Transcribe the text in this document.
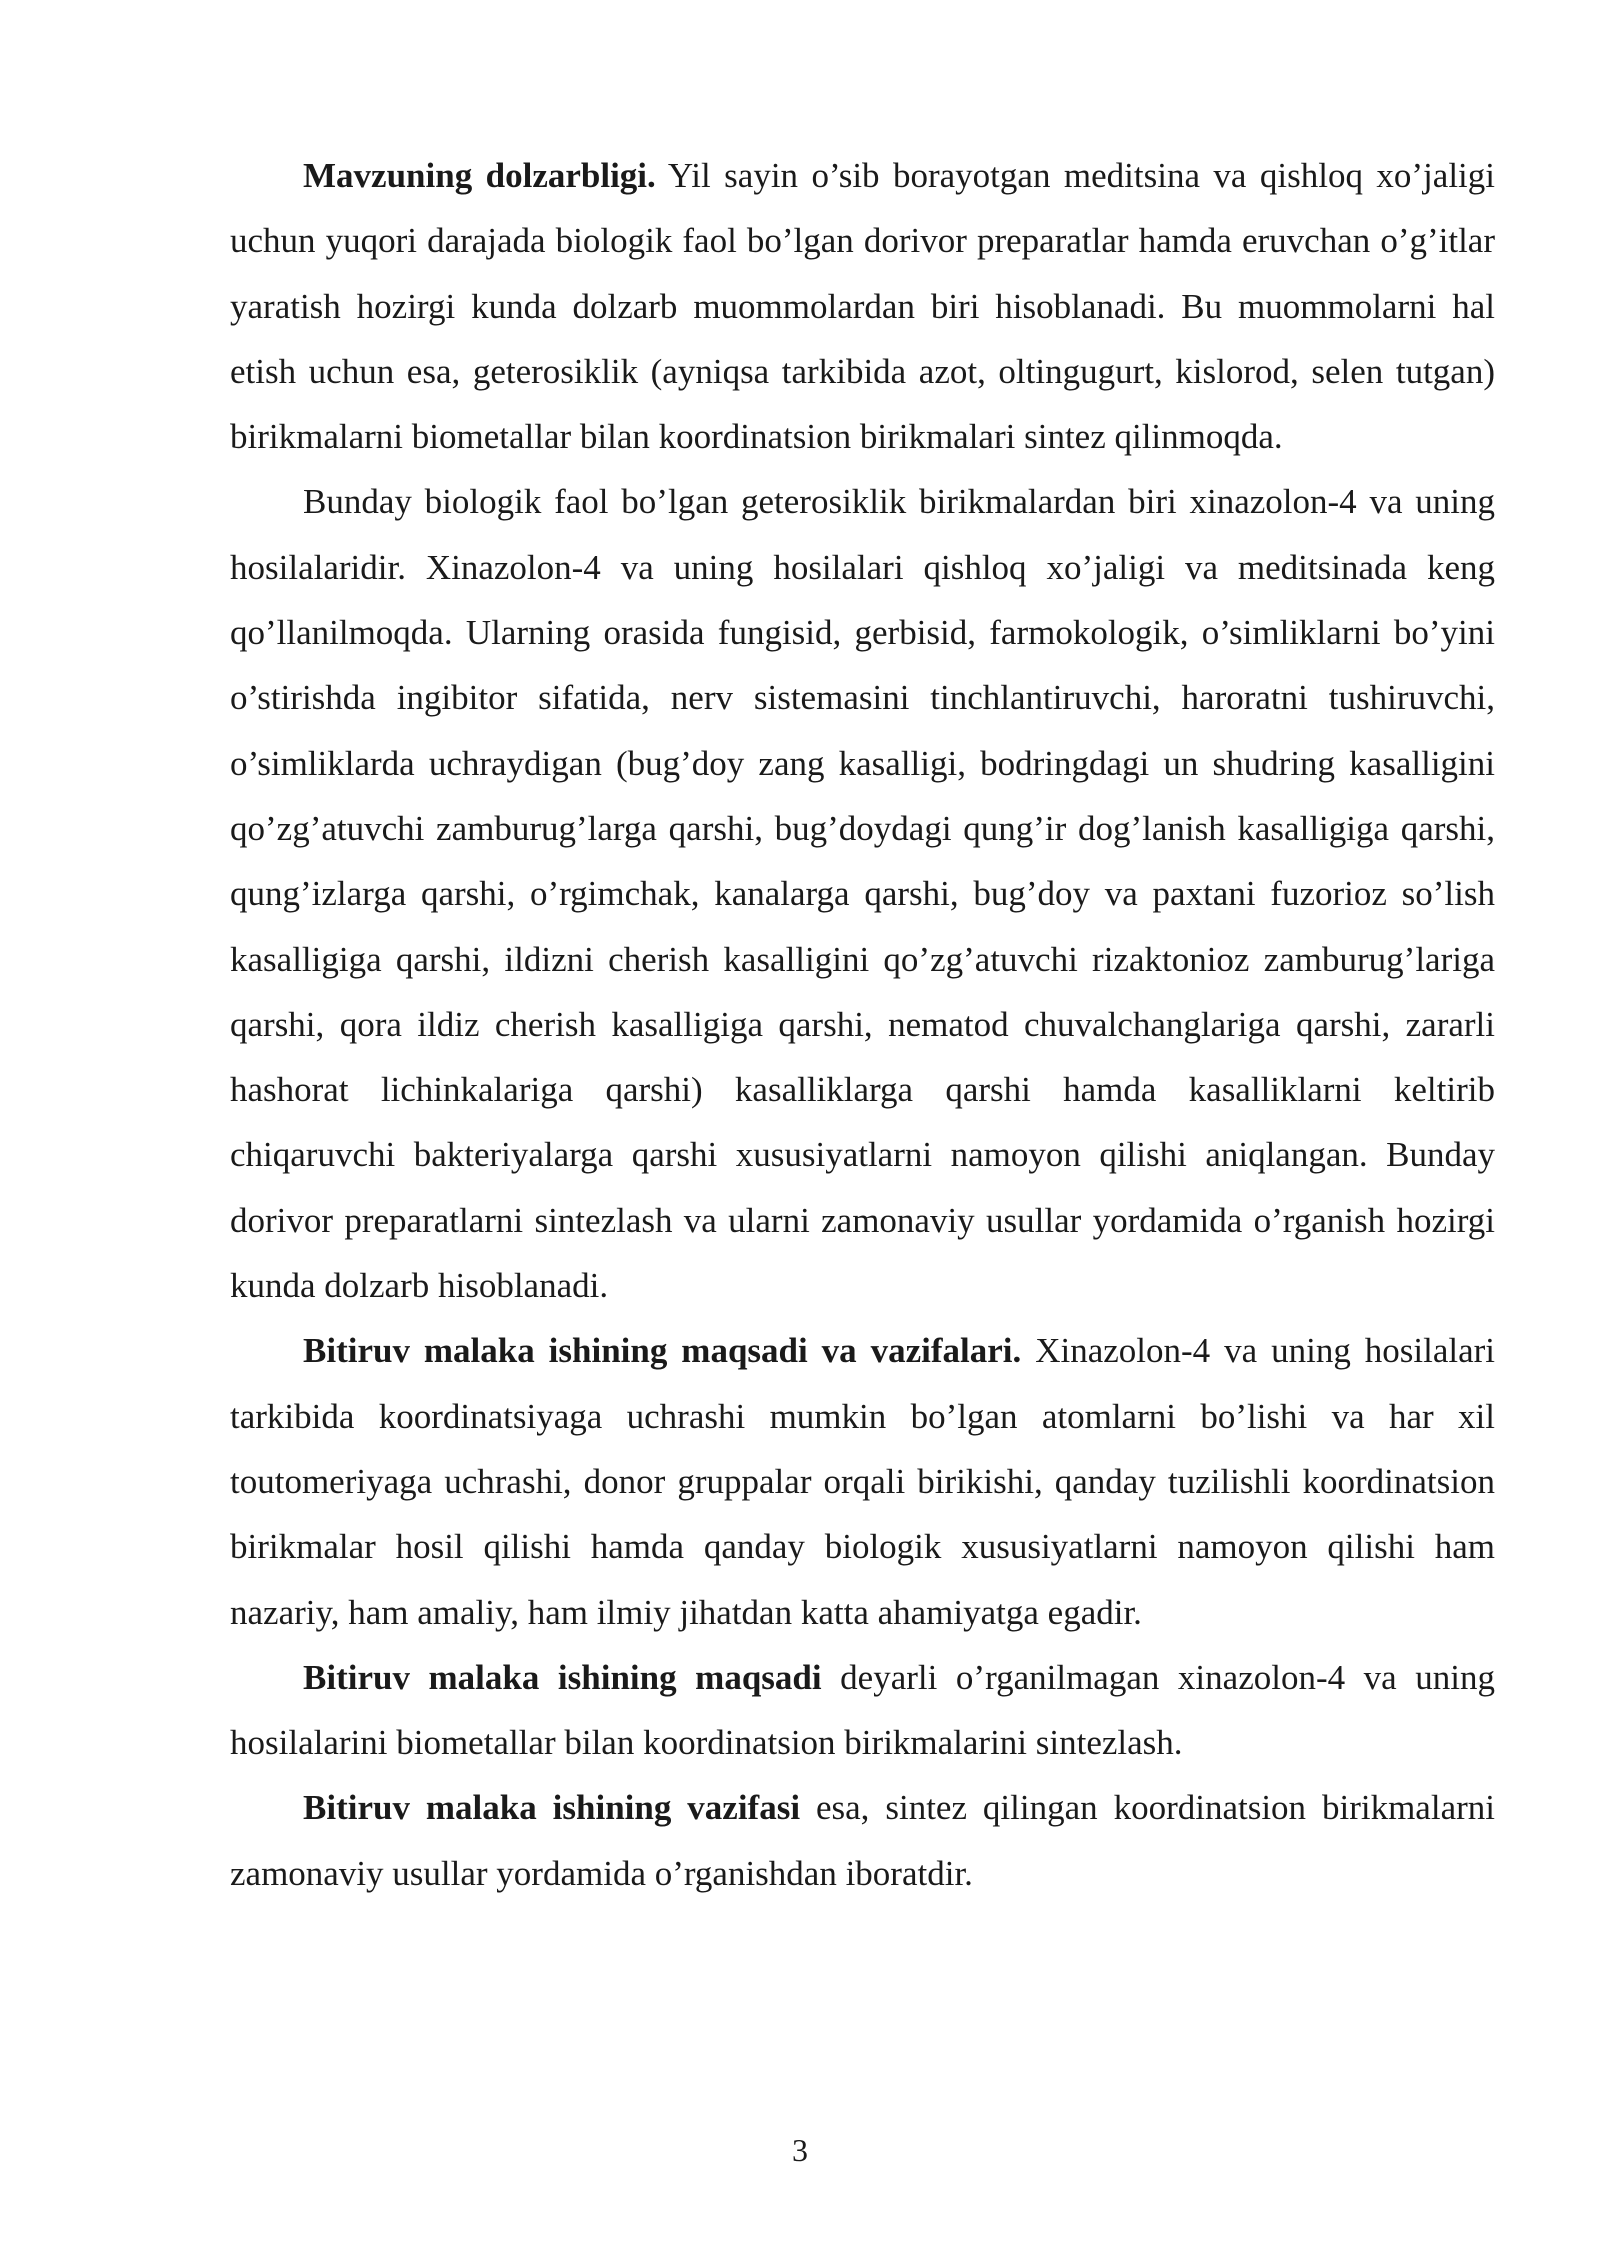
Mavzuning dolzarbligi. Yil sayin o’sib borayotgan meditsina va qishloq xo’jaligi uchun yuqori darajada biologik faol bo’lgan dorivor preparatlar hamda eruvchan o’g’itlar yaratish hozirgi kunda dolzarb muommolardan biri hisoblanadi. Bu muommolarni hal etish uchun esa, geterosiklik (ayniqsa tarkibida azot, oltingugurt, kislorod, selen tutgan) birikmalarni biometallar bilan koordinatsion birikmalari sintez qilinmoqda.

Bunday biologik faol bo’lgan geterosiklik birikmalardan biri xinazolon-4 va uning hosilalaridir. Xinazolon-4 va uning hosilalari qishloq xo’jaligi va meditsinada keng qo’llanilmoqda. Ularning orasida fungisid, gerbisid, farmokologik, o’simliklarni bo’yini o’stirishda ingibitor sifatida, nerv sistemasini tinchlantiruvchi, haroratni tushiruvchi, o’simliklarda uchraydigan (bug’doy zang kasalligi, bodringdagi un shudring kasalligini qo’zg’atuvchi zamburug’larga qarshi, bug’doydagi qung’ir dog’lanish kasalligiga qarshi, qung’izlarga qarshi, o’rgimchak, kanalarga qarshi, bug’doy va paxtani fuzorioz so’lish kasalligiga qarshi, ildizni cherish kasalligini qo’zg’atuvchi rizaktonioz zamburug’lariga qarshi, qora ildiz cherish kasalligiga qarshi, nematod chuvalchanglariga qarshi, zararli hashorat lichinkalariga qarshi) kasalliklarga qarshi hamda kasalliklarni keltirib chiqaruvchi bakteriyalarga qarshi xususiyatlarni namoyon qilishi aniqlangan. Bunday dorivor preparatlarni sintezlash va ularni zamonaviy usullar yordamida o’rganish hozirgi kunda dolzarb hisoblanadi.

Bitiruv malaka ishining maqsadi va vazifalari. Xinazolon-4 va uning hosilalari tarkibida koordinatsiyaga uchrashi mumkin bo’lgan atomlarni bo’lishi va har xil toutomeriyaga uchrashi, donor gruppalar orqali birikishi, qanday tuzilishli koordinatsion birikmalar hosil qilishi hamda qanday biologik xususiyatlarni namoyon qilishi ham nazariy, ham amaliy, ham ilmiy jihatdan katta ahamiyatga egadir.

Bitiruv malaka ishining maqsadi deyarli o’rganilmagan xinazolon-4 va uning hosilalarini biometallar bilan koordinatsion birikmalarini sintezlash.

Bitiruv malaka ishining vazifasi esa, sintez qilingan koordinatsion birikmalarni zamonaviy usullar yordamida o’rganishdan iboratdir.

3
